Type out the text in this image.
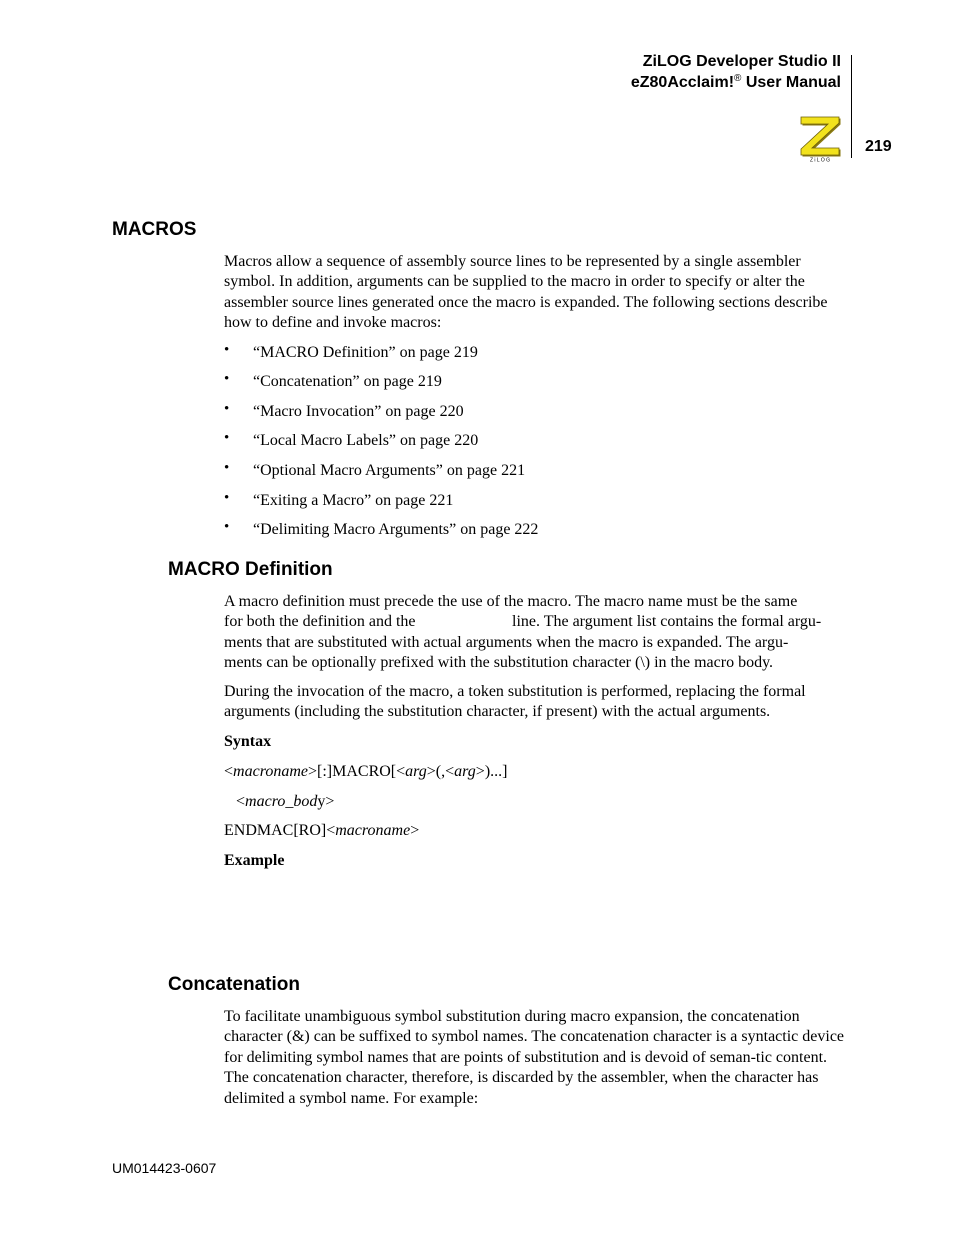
ZiLOG Developer Studio II
eZ80Acclaim!® User Manual
219
Z i L O G
MACROS
Macros allow a sequence of assembly source lines to be represented by a single assembler symbol. In addition, arguments can be supplied to the macro in order to specify or alter the assembler source lines generated once the macro is expanded. The following sections describe how to define and invoke macros:
• “MACRO Definition” on page 219
• “Concatenation” on page 219
• “Macro Invocation” on page 220
• “Local Macro Labels” on page 220
• “Optional Macro Arguments” on page 221
• “Exiting a Macro” on page 221
• “Delimiting Macro Arguments” on page 222
MACRO Definition
A macro definition must precede the use of the macro. The macro name must be the same
for both the definition and the	line. The argument list contains the formal argu-
ments that are substituted with actual arguments when the macro is expanded. The argu-
ments can be optionally prefixed with the substitution character (\) in the macro body.
During the invocation of the macro, a token substitution is performed, replacing the formal arguments (including the substitution character, if present) with the actual arguments.
Syntax
<macroname>[:]MACRO[<arg>(,<arg>)...]
<macro_body>
ENDMAC[RO]<macroname>
Example
Concatenation
To facilitate unambiguous symbol substitution during macro expansion, the concatenation character (&) can be suffixed to symbol names. The concatenation character is a syntactic device for delimiting symbol names that are points of substitution and is devoid of seman-tic content. The concatenation character, therefore, is discarded by the assembler, when the character has delimited a symbol name. For example:
UM014423-0607
